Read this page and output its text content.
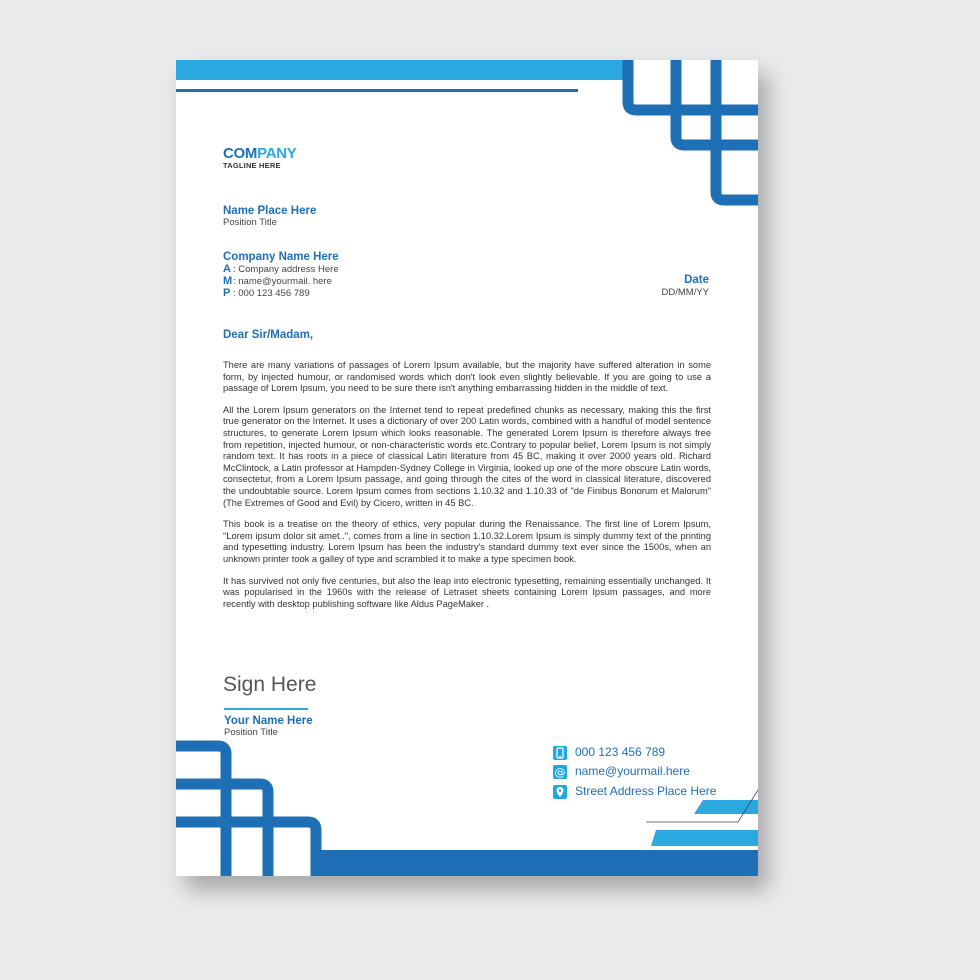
COMPANY
TAGLINE HERE
Name Place Here
Position Title
Company Name Here
A : Company address Here
M: name@yourmail. here
P : 000 123 456 789
Date
DD/MM/YY
Dear Sir/Madam,

There are many variations of passages of Lorem Ipsum available, but the majority have suffered alteration in some form, by injected humour, or randomised words which don't look even slightly believable. If you are going to use a passage of Lorem Ipsum, you need to be sure there isn't anything embarrassing hidden in the middle of text.

All the Lorem Ipsum generators on the Internet tend to repeat predefined chunks as necessary, making this the first true generator on the Internet. It uses a dictionary of over 200 Latin words, combined with a handful of model sentence structures, to generate Lorem Ipsum which looks reasonable. The generated Lorem Ipsum is therefore always free from repetition, injected humour, or non-characteristic words etc.Contrary to popular belief, Lorem Ipsum is not simply random text. It has roots in a piece of classical Latin literature from 45 BC, making it over 2000 years old. Richard McClintock, a Latin professor at Hampden-Sydney College in Virginia, looked up one of the more obscure Latin words, consectetur, from a Lorem Ipsum passage, and going through the cites of the word in classical literature, discovered the undoubtable source. Lorem Ipsum comes from sections 1.10.32 and 1.10.33 of "de Finibus Bonorum et Malorum" (The Extremes of Good and Evil) by Cicero, written in 45 BC.

This book is a treatise on the theory of ethics, very popular during the Renaissance. The first line of Lorem Ipsum, "Lorem ipsum dolor sit amet..", comes from a line in section 1.10.32.Lorem Ipsum is simply dummy text of the printing and typesetting industry. Lorem Ipsum has been the industry's standard dummy text ever since the 1500s, when an unknown printer took a galley of type and scrambled it to make a type specimen book.

It has survived not only five centuries, but also the leap into electronic typesetting, remaining essentially unchanged. It was popularised in the 1960s with the release of Letraset sheets containing Lorem Ipsum passages, and more recently with desktop publishing software like Aldus PageMaker .

Sign Here
Your Name Here
Position Title
000 123 456 789
@ name@yourmail.here
Street Address Place Here
